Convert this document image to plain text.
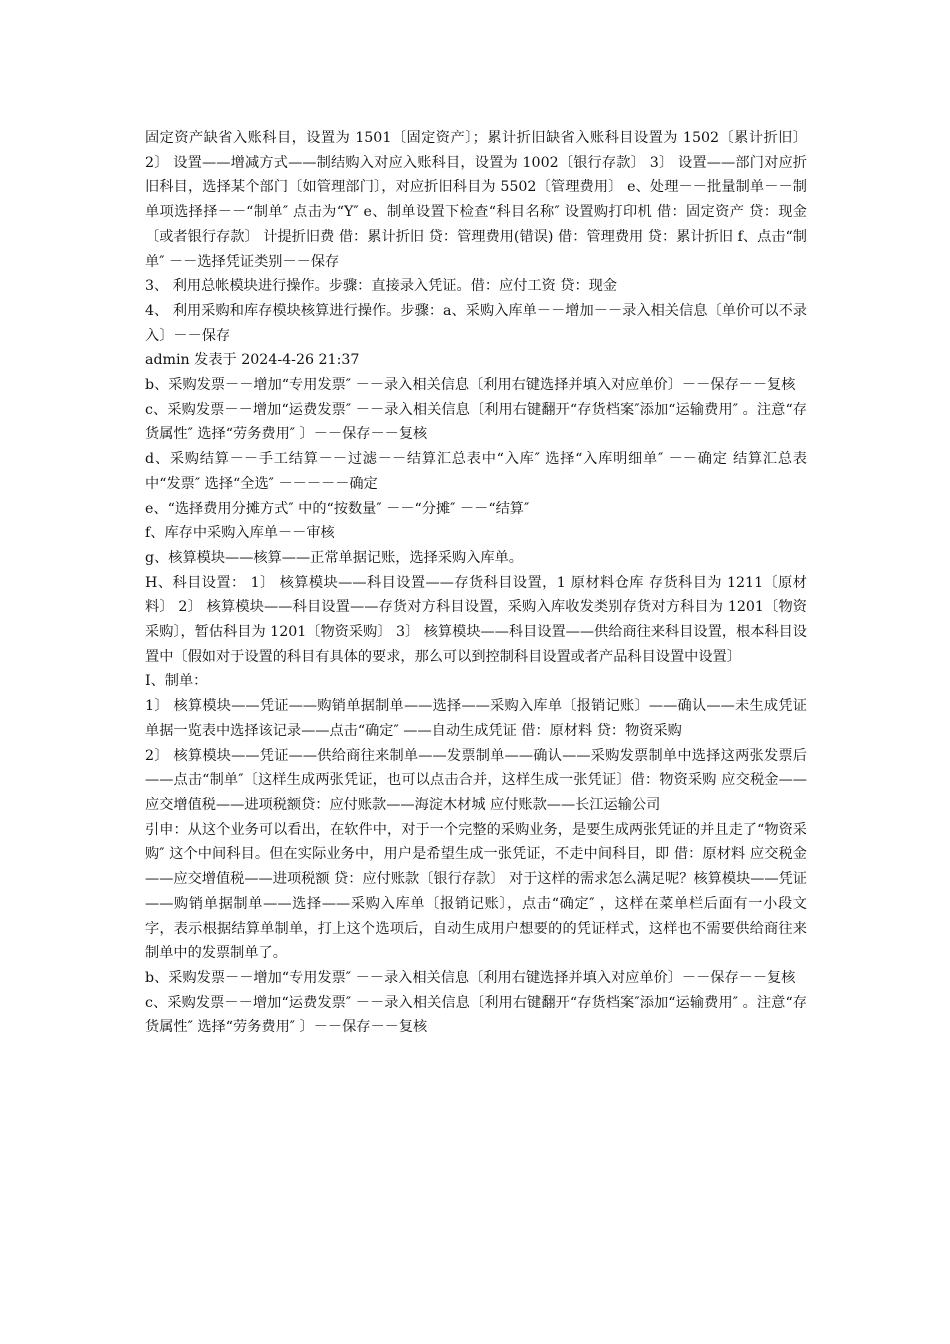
固定资产缺省入账科目，设置为 1501〔固定资产〕；累计折旧缺省入账科目设置为 1502〔累计折旧〕 2〕 设置——增减方式——制结购入对应入账科目，设置为 1002〔银行存款〕 3〕 设置——部门对应折旧科目，选择某个部门〔如管理部门〕，对应折旧科目为 5502〔管理费用〕 e、处理－－批量制单－－制单项选择择－－“制单″ 点击为“Y″ e、制单设置下检查“科目名称″ 设置购打印机 借：固定资产 贷：现金〔或者银行存款〕 计提折旧费 借：累计折旧 贷：管理费用(错误) 借：管理费用 贷：累计折旧 f、点击“制单″ －－选择凭证类别－－保存

3、 利用总帐模块进行操作。步骤：直接录入凭证。借：应付工资 贷：现金

4、 利用采购和库存模块核算进行操作。步骤：a、采购入库单－－增加－－录入相关信息〔单价可以不录入〕－－保存

admin 发表于 2024-4-26 21:37

b、采购发票－－增加“专用发票″ －－录入相关信息〔利用右键选择并填入对应单价〕－－保存－－复核

c、采购发票－－增加“运费发票″ －－录入相关信息〔利用右键翻开“存货档案″添加“运输费用″ 。注意“存货属性″ 选择“劳务费用″ 〕－－保存－－复核

d、采购结算－－手工结算－－过滤－－结算汇总表中“入库″ 选择“入库明细单″ －－确定 结算汇总表中“发票″ 选择“全选″ －－－－－确定

e、“选择费用分摊方式″ 中的“按数量″ －－“分摊″ －－“结算″

f、库存中采购入库单－－审核

g、核算模块——核算——正常单据记账，选择采购入库单。

H、科目设置： 1〕 核算模块——科目设置——存货科目设置，1 原材料仓库 存货科目为 1211〔原材料〕 2〕 核算模块——科目设置——存货对方科目设置，采购入库收发类别存货对方科目为 1201〔物资采购〕，暂估科目为 1201〔物资采购〕 3〕 核算模块——科目设置——供给商往来科目设置，根本科目设置中〔假如对于设置的科目有具体的要求，那么可以到控制科目设置或者产品科目设置中设置〕

I、制单：

1〕 核算模块——凭证——购销单据制单——选择——采购入库单〔报销记账〕——确认——未生成凭证单据一览表中选择该记录——点击“确定″ ——自动生成凭证 借：原材料 贷：物资采购

2〕 核算模块——凭证——供给商往来制单——发票制单——确认——采购发票制单中选择这两张发票后——点击“制单″〔这样生成两张凭证，也可以点击合并，这样生成一张凭证〕借：物资采购 应交税金——应交增值税——进项税额贷：应付账款——海淀木材城 应付账款——长江运输公司

引申：从这个业务可以看出，在软件中，对于一个完整的采购业务，是要生成两张凭证的并且走了“物资采购″ 这个中间科目。但在实际业务中，用户是希望生成一张凭证，不走中间科目，即 借：原材料 应交税金——应交增值税——进项税额 贷：应付账款〔银行存款〕 对于这样的需求怎么满足呢？核算模块——凭证——购销单据制单——选择——采购入库单〔报销记账〕，点击“确定″ ，这样在菜单栏后面有一小段文字，表示根据结算单制单，打上这个选项后，自动生成用户想要的的凭证样式，这样也不需要供给商往来制单中的发票制单了。

b、采购发票－－增加“专用发票″ －－录入相关信息〔利用右键选择并填入对应单价〕－－保存－－复核

c、采购发票－－增加“运费发票″ －－录入相关信息〔利用右键翻开“存货档案″添加“运输费用″ 。注意“存货属性″ 选择“劳务费用″ 〕－－保存－－复核
